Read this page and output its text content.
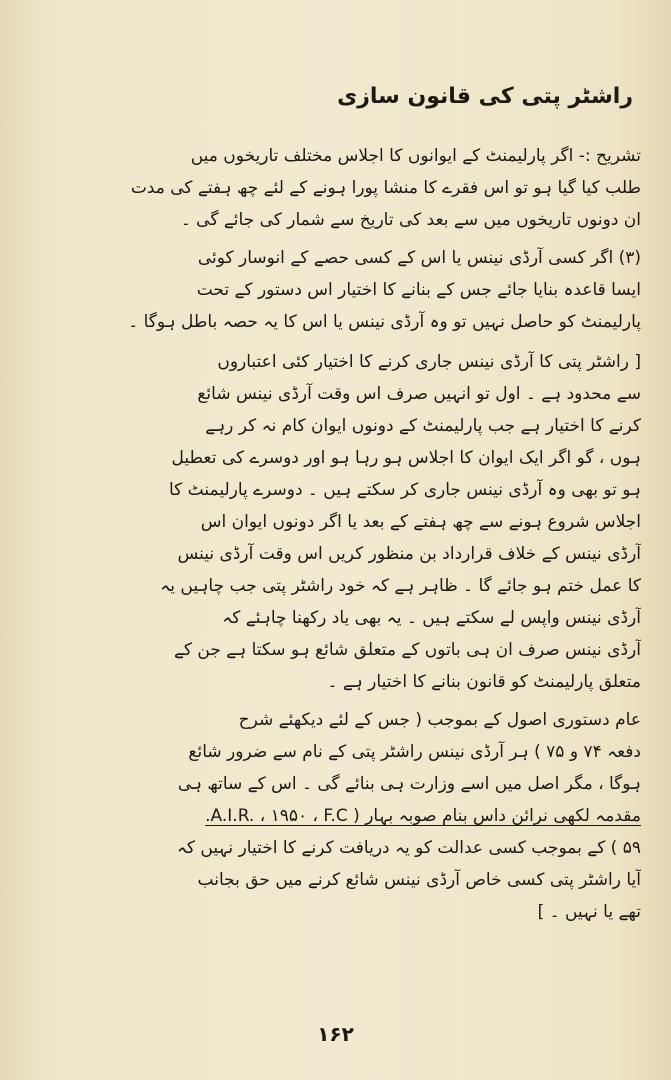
راشٹر پتی کی قانون سازی
تشریح :- اگر پارلیمنٹ کے ایوانوں کا اجلاس مختلف تاریخوں میں
طلب کیا گیا ہو تو اس فقرے کا منشا پورا ہونے کے لئے چھ ہفتے کی مدت
ان دونوں تاریخوں میں سے بعد کی تاریخ سے شمار کی جائے گی ۔
(۳) اگر کسی آرڈی نینس یا اس کے کسی حصے کے انوسار کوئی
ایسا قاعدہ بنایا جائے جس کے بنانے کا اختیار اس دستور کے تحت
پارلیمنٹ کو حاصل نہیں تو وہ آرڈی نینس یا اس کا یہ حصہ باطل ہوگا ۔
[ راشٹر پتی کا آرڈی نینس جاری کرنے کا اختیار کئی اعتباروں
سے محدود ہے ۔ اول تو انہیں صرف اس وقت آرڈی نینس شائع
کرنے کا اختیار ہے جب پارلیمنٹ کے دونوں ایوان کام نہ کر رہے
ہوں ، گو اگر ایک ایوان کا اجلاس ہو رہا ہو اور دوسرے کی تعطیل
ہو تو بھی وہ آرڈی نینس جاری کر سکتے ہیں ۔ دوسرے پارلیمنٹ کا
اجلاس شروع ہونے سے چھ ہفتے کے بعد یا اگر دونوں ایوان اس
آرڈی نینس کے خلاف قرارداد بن منظور کریں اس وقت آرڈی نینس
کا عمل ختم ہو جائے گا ۔ ظاہر ہے کہ خود راشٹر پتی جب چاہیں یہ
آرڈی نینس واپس لے سکتے ہیں ۔ یہ بھی یاد رکھنا چاہئے کہ
آرڈی نینس صرف ان ہی باتوں کے متعلق شائع ہو سکتا ہے جن کے
متعلق پارلیمنٹ کو قانون بنانے کا اختیار ہے ۔
عام دستوری اصول کے بموجب ( جس کے لئے دیکھئے شرح
دفعہ ۷۴ و ۷۵ ) ہر آرڈی نینس راشٹر پتی کے نام سے ضرور شائع
ہوگا ، مگر اصل میں اسے وزارت ہی بنائے گی ۔ اس کے ساتھ ہی
مقدمہ لکھی نرائن داس بنام صوبہ بہار ( A.I.R. ، ۱۹۵۰ ، F.C.
۵۹ ) کے بموجب کسی عدالت کو یہ دریافت کرنے کا اختیار نہیں کہ
آیا راشٹر پتی کسی خاص آرڈی نینس شائع کرنے میں حق بجانب
تھے یا نہیں ۔ ]
۱۶۲
